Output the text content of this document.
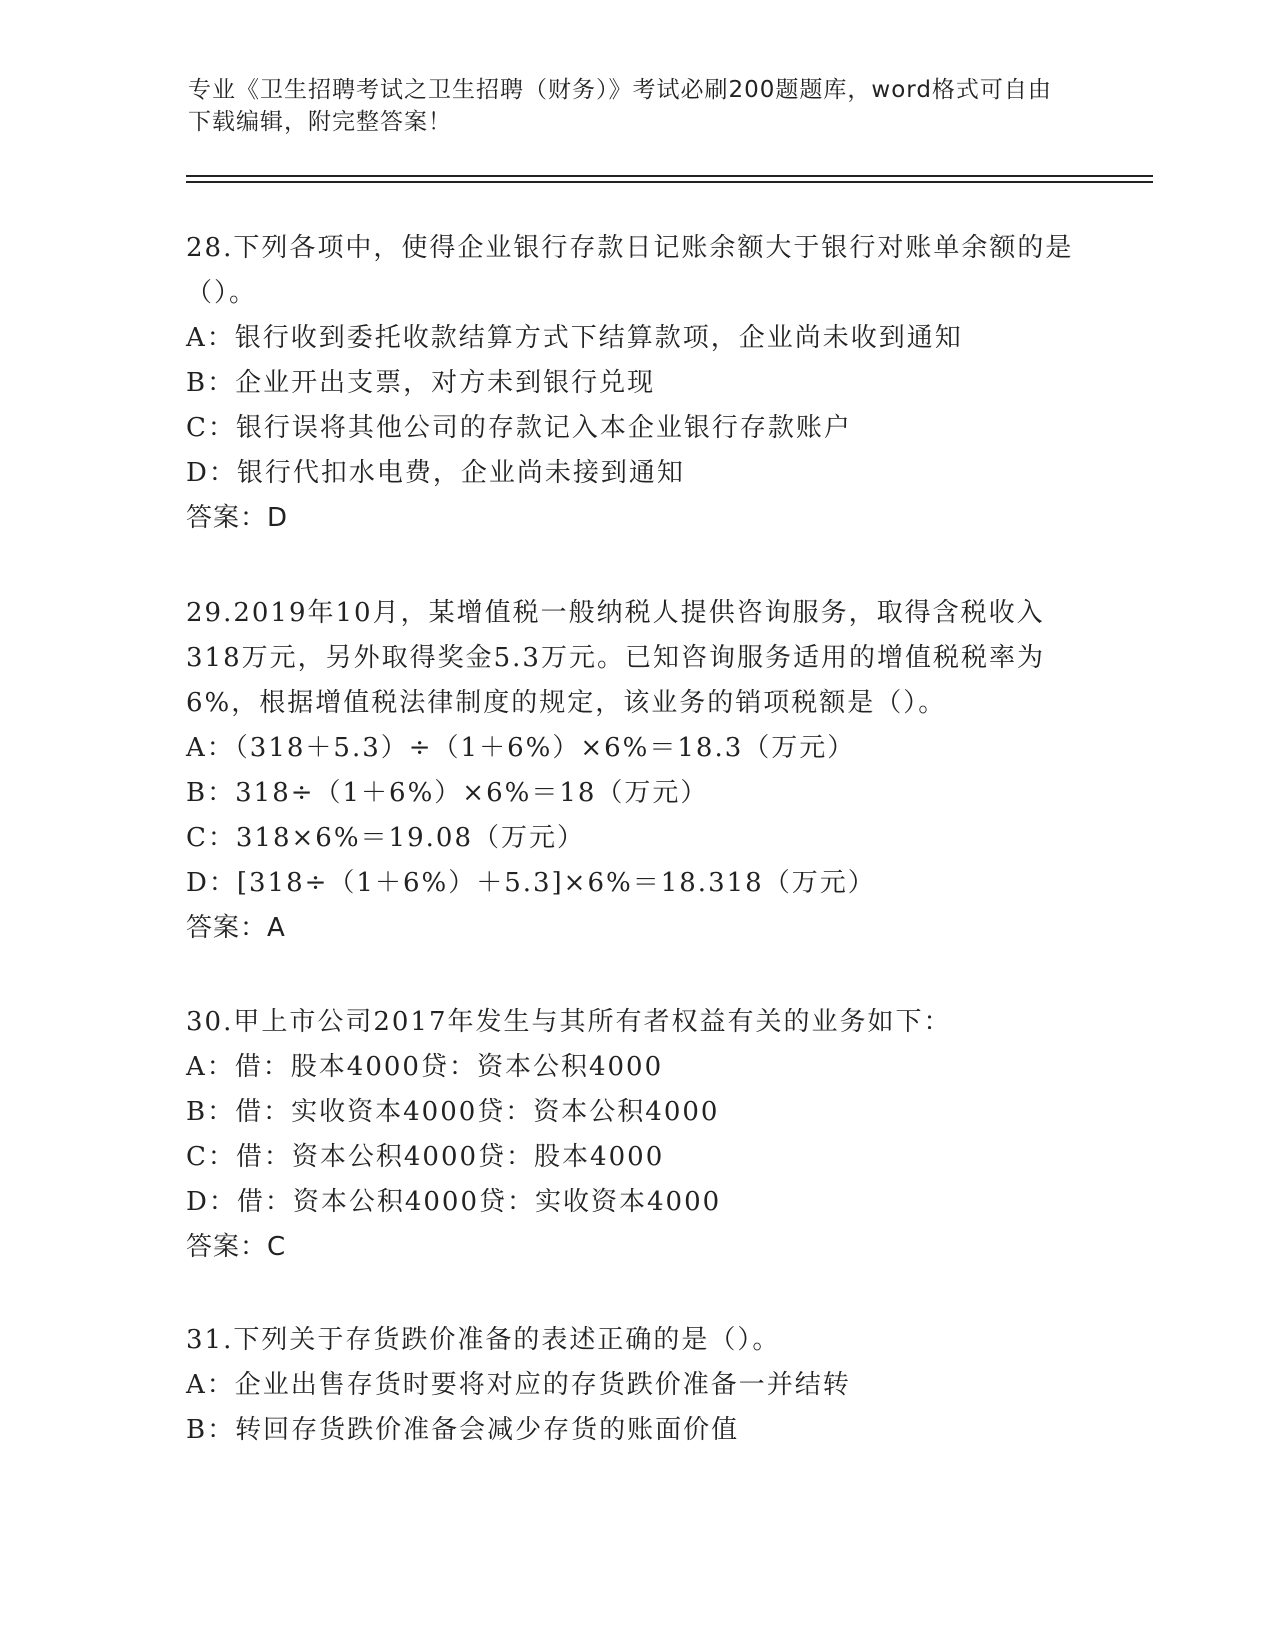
专业《卫生招聘考试之卫生招聘（财务）》考试必刷200题题库，word格式可自由下载编辑，附完整答案！
28.下列各项中，使得企业银行存款日记账余额大于银行对账单余额的是（）。
A：银行收到委托收款结算方式下结算款项，企业尚未收到通知
B：企业开出支票，对方未到银行兑现
C：银行误将其他公司的存款记入本企业银行存款账户
D：银行代扣水电费，企业尚未接到通知
答案：D
29.2019年10月，某增值税一般纳税人提供咨询服务，取得含税收入318万元，另外取得奖金5.3万元。已知咨询服务适用的增值税税率为6%，根据增值税法律制度的规定，该业务的销项税额是（）。
A：（318＋5.3）÷（1＋6%）×6%＝18.3（万元）
B：318÷（1＋6%）×6%＝18（万元）
C：318×6%＝19.08（万元）
D：[318÷（1＋6%）＋5.3]×6%＝18.318（万元）
答案：A
30.甲上市公司2017年发生与其所有者权益有关的业务如下：
A：借：股本4000贷：资本公积4000
B：借：实收资本4000贷：资本公积4000
C：借：资本公积4000贷：股本4000
D：借：资本公积4000贷：实收资本4000
答案：C
31.下列关于存货跌价准备的表述正确的是（）。
A：企业出售存货时要将对应的存货跌价准备一并结转
B：转回存货跌价准备会减少存货的账面价值
